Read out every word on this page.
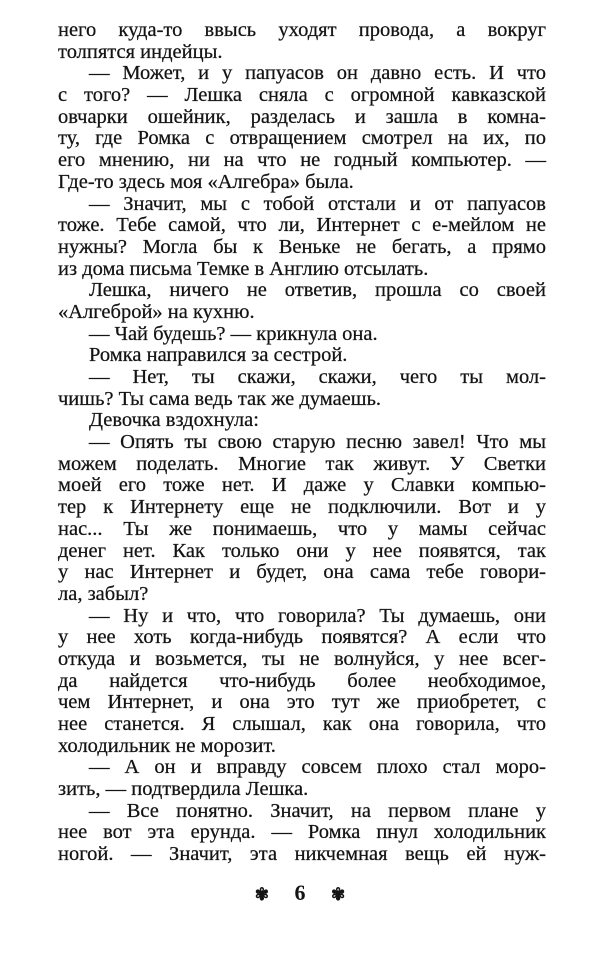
него куда-то ввысь уходят провода, а вокруг
толпятся индейцы.
— Может, и у папуасов он давно есть. И что
с того? — Лешка сняла с огромной кавказской
овчарки ошейник, разделась и зашла в комна-
ту, где Ромка с отвращением смотрел на их, по
его мнению, ни на что не годный компьютер. —
Где-то здесь моя «Алгебра» была.
— Значит, мы с тобой отстали и от папуасов
тоже. Тебе самой, что ли, Интернет с е-мейлом не
нужны? Могла бы к Веньке не бегать, а прямо
из дома письма Темке в Англию отсылать.
Лешка, ничего не ответив, прошла со своей
«Алгеброй» на кухню.
— Чай будешь? — крикнула она.
Ромка направился за сестрой.
— Нет, ты скажи, скажи, чего ты мол-
чишь? Ты сама ведь так же думаешь.
Девочка вздохнула:
— Опять ты свою старую песню завел! Что мы
можем поделать. Многие так живут. У Светки
моей его тоже нет. И даже у Славки компью-
тер к Интернету еще не подключили. Вот и у
нас... Ты же понимаешь, что у мамы сейчас
денег нет. Как только они у нее появятся, так
у нас Интернет и будет, она сама тебе говори-
ла, забыл?
— Ну и что, что говорила? Ты думаешь, они
у нее хоть когда-нибудь появятся? А если что
откуда и возьмется, ты не волнуйся, у нее всег-
да найдется что-нибудь более необходимое,
чем Интернет, и она это тут же приобретет, с
нее станется. Я слышал, как она говорила, что
холодильник не морозит.
— А он и вправду совсем плохо стал моро-
зить, — подтвердила Лешка.
— Все понятно. Значит, на первом плане у
нее вот эта ерунда. — Ромка пнул холодильник
ногой. — Значит, эта никчемная вещь ей нуж-
✾ 6 ✾
